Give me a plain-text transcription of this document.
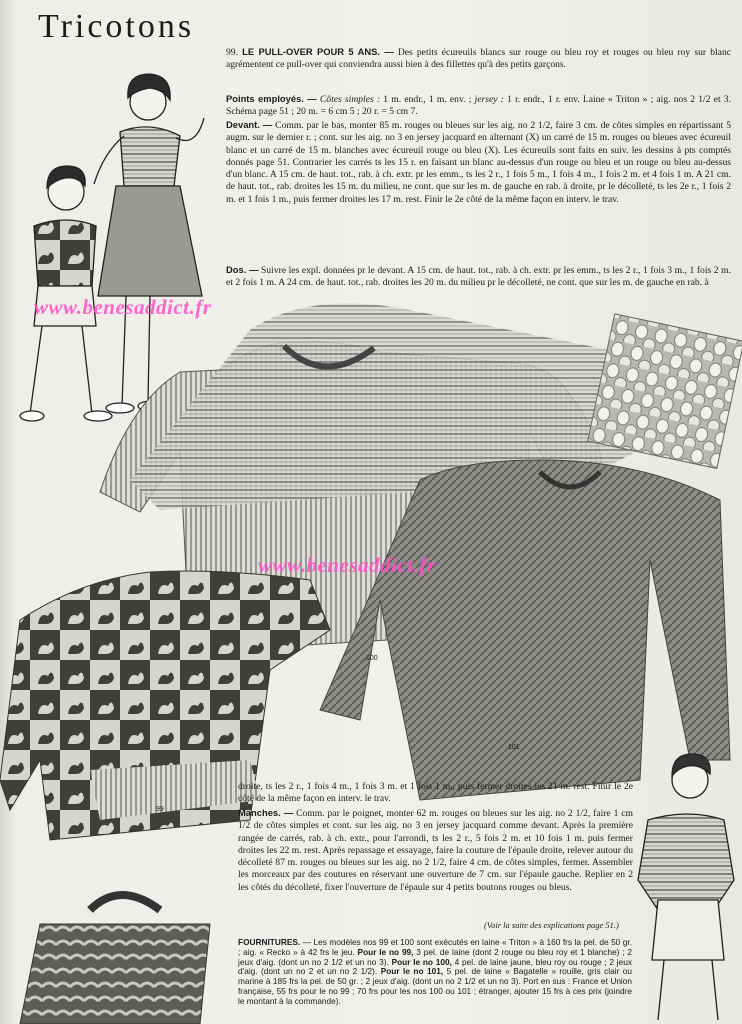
Tricotons

99. LE PULL-OVER POUR 5 ANS. — Des petits écureuils blancs sur rouge ou bleu roy et rouges ou bleu roy sur blanc agrémentent ce pull-over qui conviendra aussi bien à des fillettes qu'à des petits garçons.

Points employés. — Côtes simples : 1 m. endr., 1 m. env. ; jersey : 1 r. endr., 1 r. env. Laine « Triton » ; aig. nos 2 1/2 et 3. Schéma page 51 ; 20 m. = 6 cm 5 ; 20 r. = 5 cm 7.

Devant. — Comm. par le bas, monter 85 m. rouges ou bleues sur les aig. no 2 1/2, faire 3 cm. de côtes simples en répartissant 5 augm. sur le dernier r. ; cont. sur les aig. no 3 en jersey jacquard en alternant (X) un carré de 15 m. rouges ou bleues avec écureuil blanc et un carré de 15 m. blanches avec écureuil rouge ou bleu (X). Les écureuils sont faits en suiv. les dessins à pts comptés donnés page 51. Contrarier les carrés ts les 15 r. en faisant un blanc au-dessus d'un rouge ou bleu et un rouge ou bleu au-dessus d'un blanc. A 15 cm. de haut. tot., rab. à ch. extr. pr les emm., ts les 2 r., 1 fois 5 m., 1 fois 4 m., 1 fois 2 m. et 4 fois 1 m. A 21 cm. de haut. tot., rab. droites les 15 m. du milieu, ne cont. que sur les m. de gauche en rab. à droite, pr le décolleté, ts les 2e r., 1 fois 2 m. et 1 fois 1 m., puis fermer droites les 17 m. rest. Finir le 2e côté de la même façon en interv. le trav.

Dos. — Suivre les expl. données pr le devant. A 15 cm. de haut. tot., rab. à ch. extr. pr les emm., ts les 2 r., 1 fois 3 m., 1 fois 2 m. et 2 fois 1 m. A 24 cm. de haut. tot., rab. droites les 20 m. du milieu pr le décolleté, ne cont. que sur les m. de gauche en rab. à

droite, ts les 2 r., 1 fois 4 m., 1 fois 3 m. et 1 fois 1 m., puis fermer droites les 21 m. rest. Finir le 2e côté de la même façon en interv. le trav.

Manches. — Comm. par le poignet, monter 62 m. rouges ou bleues sur les aig. no 2 1/2, faire 1 cm 1/2 de côtes simples et cont. sur les aig. no 3 en jersey jacquard comme devant. Après la première rangée de carrés, rab. à ch. extr., pour l'arrondi, ts les 2 r., 5 fois 2 m. et 10 fois 1 m. puis fermer droites les 22 m. rest. Après repassage et essayage, faire la couture de l'épaule droite, relever autour du décolleté 87 m. rouges ou bleues sur les aig. no 2 1/2, faire 4 cm. de côtes simples, fermer. Assembler les morceaux par des coutures en réservant une ouverture de 7 cm. sur l'épaule gauche. Replier en 2 les côtés du décolleté, fixer l'ouverture de l'épaule sur 4 petits boutons rouges ou bleus.

(Voir la suite des explications page 51.)

FOURNITURES. — Les modèles nos 99 et 100 sont exécutés en laine « Triton » à 160 frs la pel. de 50 gr. ; aig. « Recko » à 42 frs le jeu. Pour le no 99, 3 pel. de laine (dont 2 rouge ou bleu roy et 1 blanche) ; 2 jeux d'aig. (dont un no 2 1/2 et un no 3). Pour le no 100, 4 pel. de laine jaune, bleu roy ou rouge ; 2 jeux d'aig. (dont un no 2 et un no 2 1/2). Pour le no 101, 5 pel. de laine « Bagatelle » rouille, gris clair ou marine à 185 frs la pel. de 50 gr. ; 2 jeux d'aig. (dont un no 2 1/2 et un no 3). Port en sus : France et Union française, 55 frs pour le no 99 ; 70 frs pour les nos 100 ou 101 ; étranger, ajouter 15 frs à ces prix (joindre le montant à la commande).

99
100
101
www.benesaddict.fr
www.benesaddict.fr
